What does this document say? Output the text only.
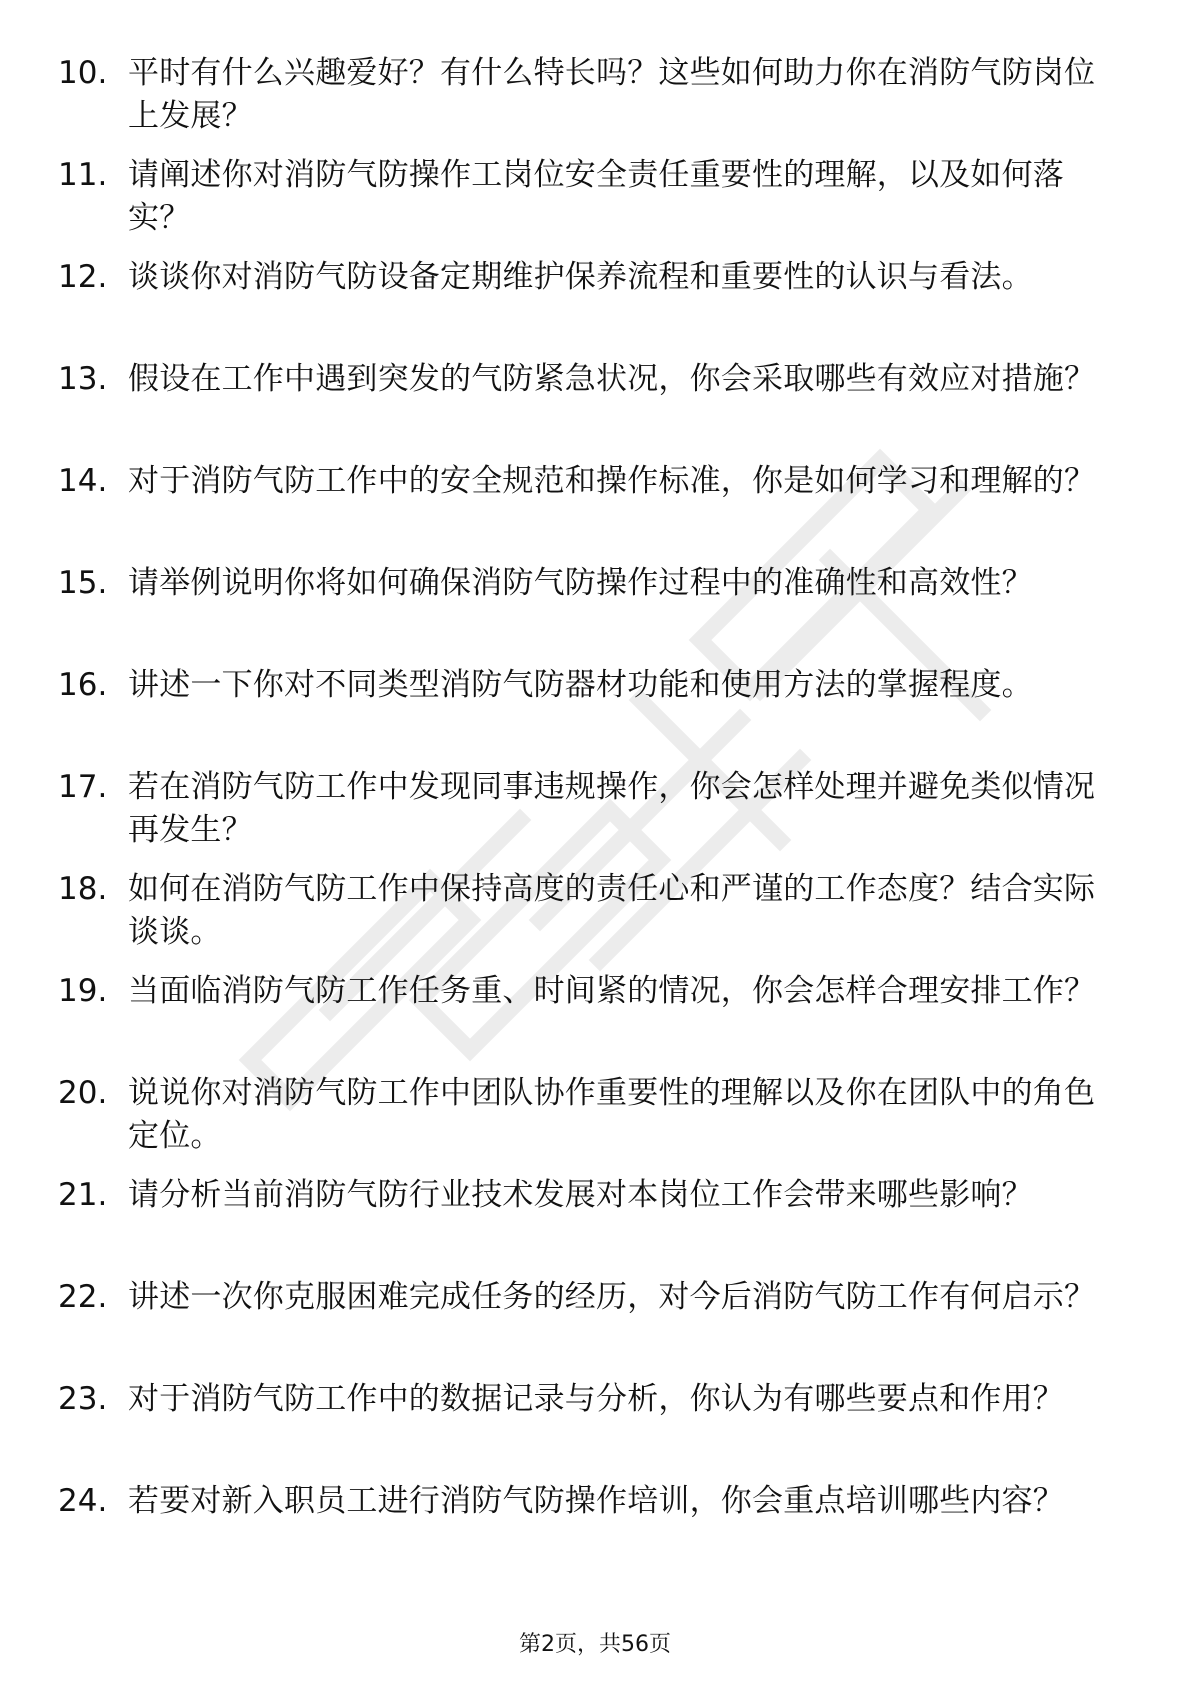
10. 平时有什么兴趣爱好？有什么特长吗？这些如何助力你在消防气防岗位上发展？
11. 请阐述你对消防气防操作工岗位安全责任重要性的理解，以及如何落实？
12. 谈谈你对消防气防设备定期维护保养流程和重要性的认识与看法。
13. 假设在工作中遇到突发的气防紧急状况，你会采取哪些有效应对措施？
14. 对于消防气防工作中的安全规范和操作标准，你是如何学习和理解的？
15. 请举例说明你将如何确保消防气防操作过程中的准确性和高效性？
16. 讲述一下你对不同类型消防气防器材功能和使用方法的掌握程度。
17. 若在消防气防工作中发现同事违规操作，你会怎样处理并避免类似情况再发生？
18. 如何在消防气防工作中保持高度的责任心和严谨的工作态度？结合实际谈谈。
19. 当面临消防气防工作任务重、时间紧的情况，你会怎样合理安排工作？
20. 说说你对消防气防工作中团队协作重要性的理解以及你在团队中的角色定位。
21. 请分析当前消防气防行业技术发展对本岗位工作会带来哪些影响？
22. 讲述一次你克服困难完成任务的经历，对今后消防气防工作有何启示？
23. 对于消防气防工作中的数据记录与分析，你认为有哪些要点和作用？
24. 若要对新入职员工进行消防气防操作培训，你会重点培训哪些内容？
第2页，共56页
